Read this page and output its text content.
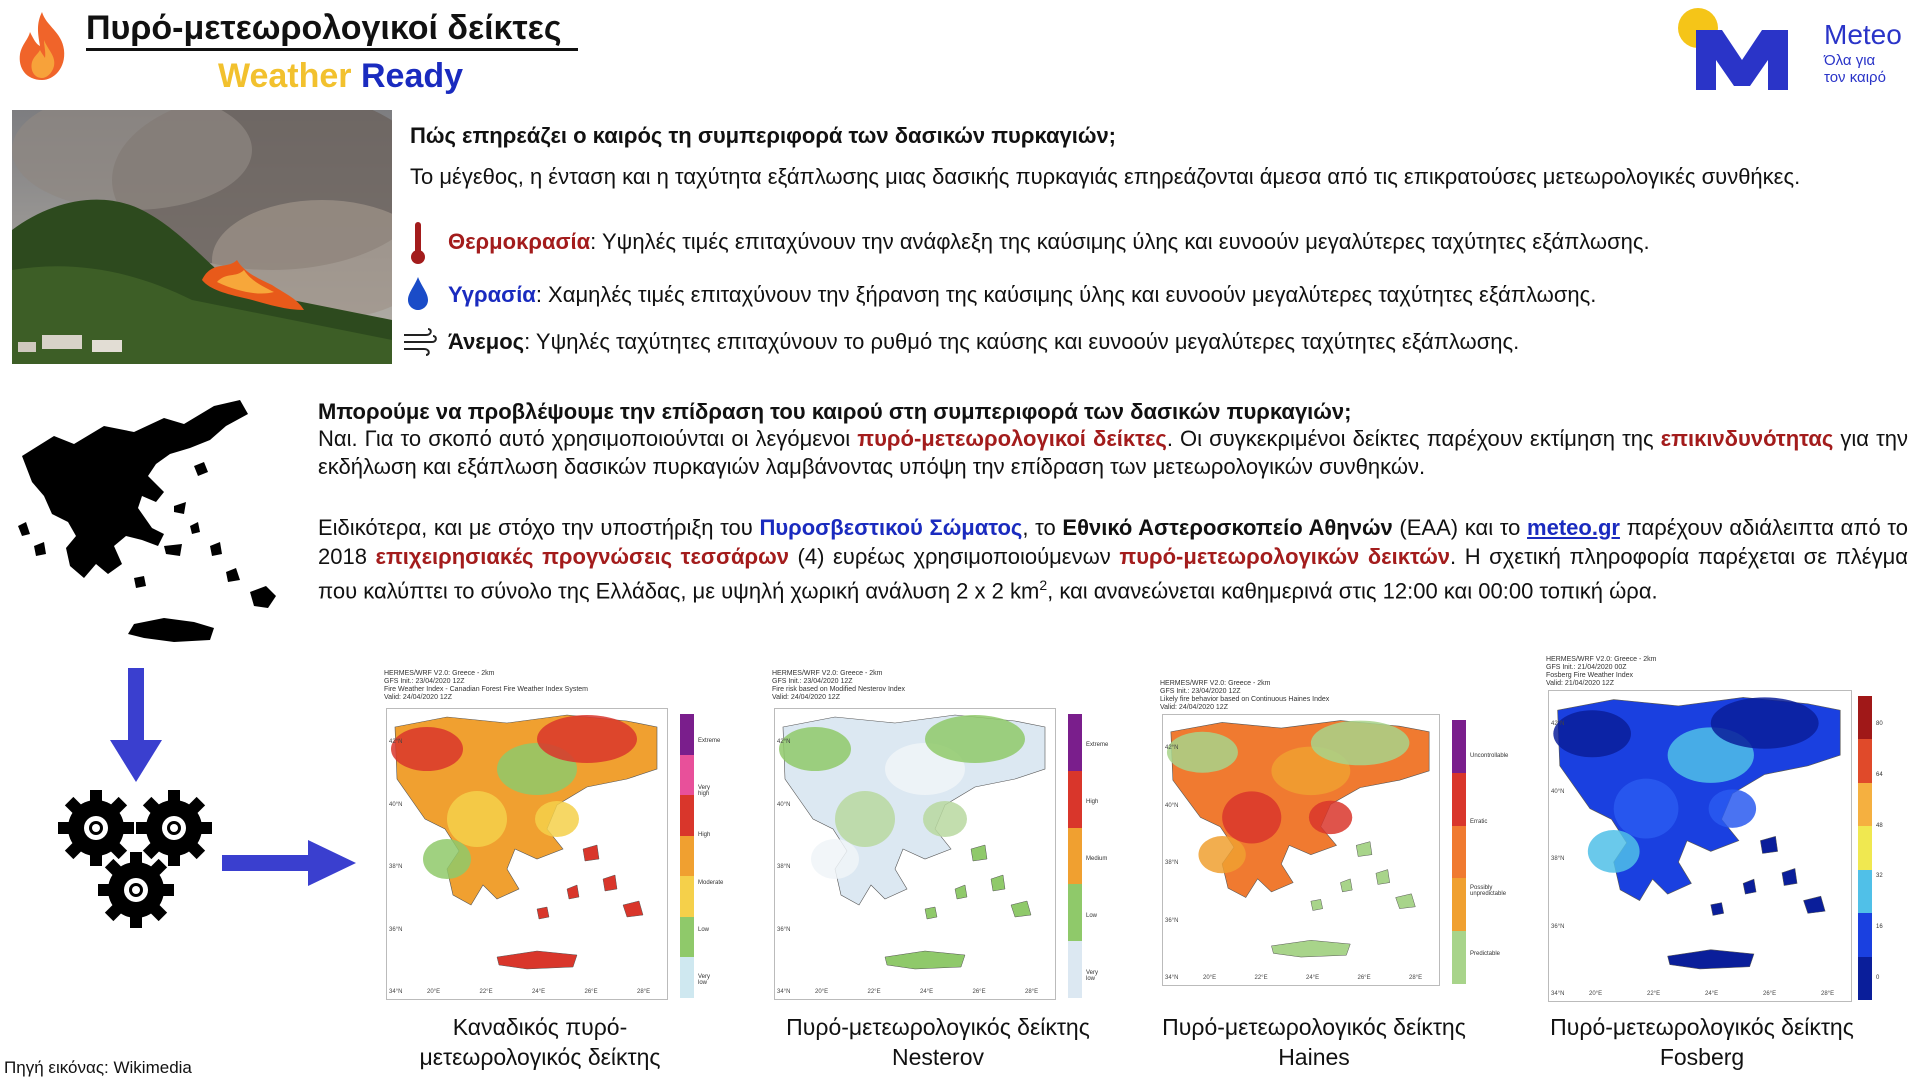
Πυρό-μετεωρολογικοί δείκτες
Weather Ready
Meteo
Όλα για
τον καιρό
Πώς επηρεάζει ο καιρός τη συμπεριφορά των δασικών πυρκαγιών;
Το μέγεθος, η ένταση και η ταχύτητα εξάπλωσης μιας δασικής πυρκαγιάς επηρεάζονται άμεσα από τις επικρατούσες μετεωρολογικές συνθήκες.
Θερμοκρασία: Υψηλές τιμές επιταχύνουν την ανάφλεξη της καύσιμης ύλης και ευνοούν μεγαλύτερες ταχύτητες εξάπλωσης.
Υγρασία: Χαμηλές τιμές επιταχύνουν την ξήρανση της καύσιμης ύλης και ευνοούν μεγαλύτερες ταχύτητες εξάπλωσης.
Άνεμος: Υψηλές ταχύτητες επιταχύνουν το ρυθμό της καύσης και ευνοούν μεγαλύτερες ταχύτητες εξάπλωσης.
Μπορούμε να προβλέψουμε την επίδραση του καιρού στη συμπεριφορά των δασικών πυρκαγιών;
Ναι. Για το σκοπό αυτό χρησιμοποιούνται οι λεγόμενοι πυρό-μετεωρολογικοί δείκτες. Οι συγκεκριμένοι δείκτες παρέχουν εκτίμηση της επικινδυνότητας για την εκδήλωση και εξάπλωση δασικών πυρκαγιών λαμβάνοντας υπόψη την επίδραση των μετεωρολογικών συνθηκών.
Ειδικότερα, και με στόχο την υποστήριξη του Πυροσβεστικού Σώματος, το Εθνικό Αστεροσκοπείο Αθηνών (ΕΑΑ) και το meteo.gr παρέχουν αδιάλειπτα από το 2018 επιχειρησιακές προγνώσεις τεσσάρων (4) ευρέως χρησιμοποιούμενων πυρό-μετεωρολογικών δεικτών. Η σχετική πληροφορία παρέχεται σε πλέγμα που καλύπτει το σύνολο της Ελλάδας, με υψηλή χωρική ανάλυση 2 x 2 $km^2$, και ανανεώνεται καθημερινά στις 12:00 και 00:00 τοπική ώρα.
HERMES/WRF V2.0: Greece - 2km
GFS Init.: 23/04/2020 12Z
Fire Weather Index - Canadian Forest Fire Weather Index System
Valid: 24/04/2020 12Z
42°N
40°N
38°N
36°N
34°N	20°E	22°E	24°E	26°E	28°E
Extreme
Very high
High
Moderate
Low
Very low
HERMES/WRF V2.0: Greece - 2km
GFS Init.: 23/04/2020 12Z
Fire risk based on Modified Nesterov Index
Valid: 24/04/2020 12Z
42°N
40°N
38°N
36°N
34°N	20°E	22°E	24°E	26°E	28°E
Extreme
High
Medium
Low
Very low
HERMES/WRF V2.0: Greece - 2km
GFS Init.: 23/04/2020 12Z
Likely fire behavior based on Continuous Haines Index
Valid: 24/04/2020 12Z
42°N
40°N
38°N
36°N
34°N	20°E	22°E	24°E	26°E	28°E
Uncontrollable
Erratic
Possibly unpredictable
Predictable
HERMES/WRF V2.0: Greece - 2km
GFS Init.: 21/04/2020 00Z
Fosberg Fire Weather Index
Valid: 21/04/2020 12Z
42°N
40°N
38°N
36°N
34°N	20°E	22°E	24°E	26°E	28°E
80
64
48
32
16
0
Καναδικός πυρό-
μετεωρολογικός δείκτης
Πυρό-μετεωρολογικός δείκτης
Nesterov
Πυρό-μετεωρολογικός δείκτης
Haines
Πυρό-μετεωρολογικός δείκτης
Fosberg
Πηγή εικόνας: Wikimedia
